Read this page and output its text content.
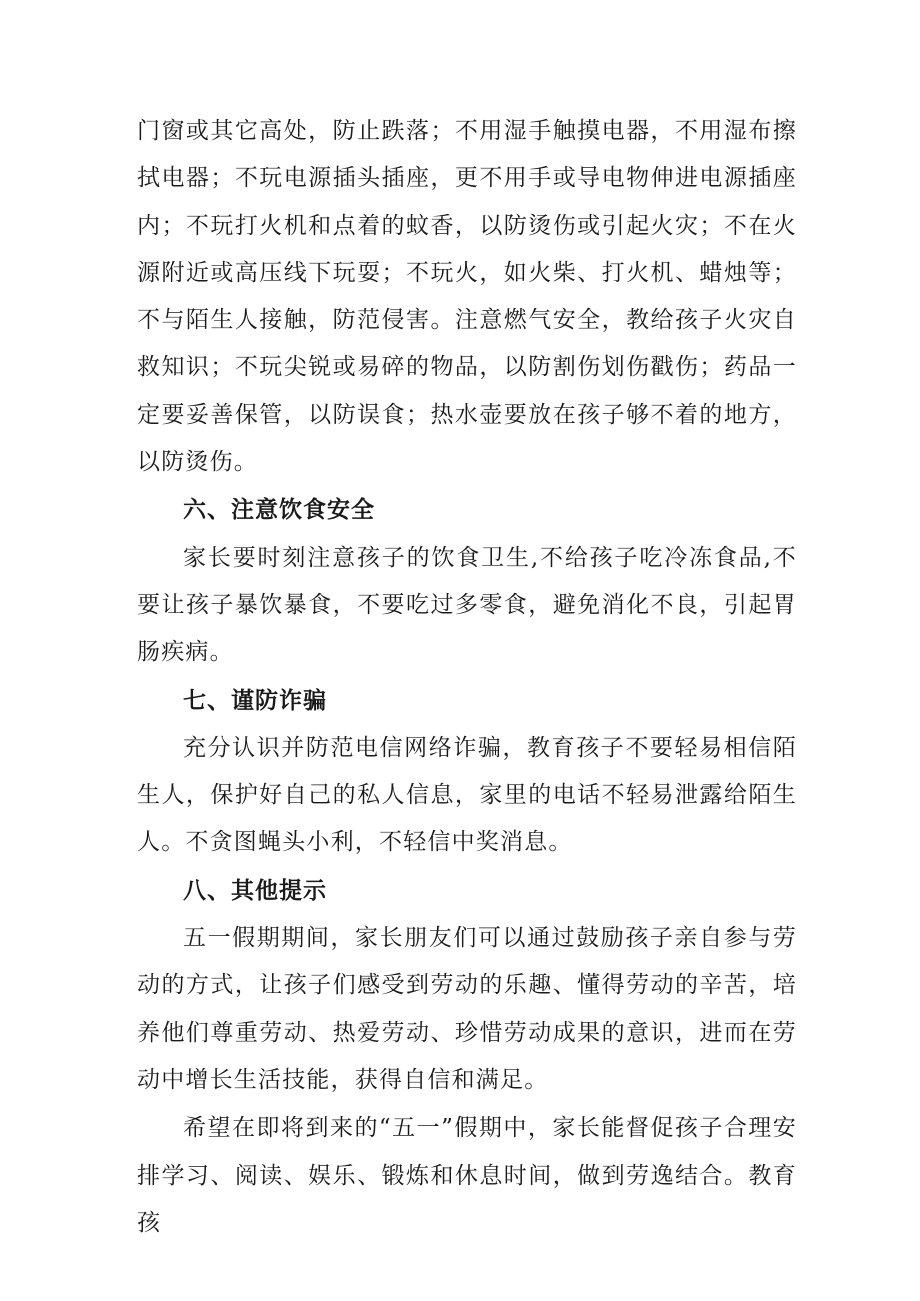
门窗或其它高处，防止跌落；不用湿手触摸电器，不用湿布擦拭电器；不玩电源插头插座，更不用手或导电物伸进电源插座内；不玩打火机和点着的蚊香，以防烫伤或引起火灾；不在火源附近或高压线下玩耍；不玩火，如火柴、打火机、蜡烛等；不与陌生人接触，防范侵害。注意燃气安全，教给孩子火灾自救知识；不玩尖锐或易碎的物品，以防割伤划伤戳伤；药品一定要妥善保管，以防误食；热水壶要放在孩子够不着的地方，以防烫伤。

六、注意饮食安全

家长要时刻注意孩子的饮食卫生,不给孩子吃冷冻食品,不要让孩子暴饮暴食，不要吃过多零食，避免消化不良，引起胃肠疾病。

七、谨防诈骗

充分认识并防范电信网络诈骗，教育孩子不要轻易相信陌生人，保护好自己的私人信息，家里的电话不轻易泄露给陌生人。不贪图蝇头小利，不轻信中奖消息。

八、其他提示

五一假期期间，家长朋友们可以通过鼓励孩子亲自参与劳动的方式，让孩子们感受到劳动的乐趣、懂得劳动的辛苦，培养他们尊重劳动、热爱劳动、珍惜劳动成果的意识，进而在劳动中增长生活技能，获得自信和满足。

希望在即将到来的“五一”假期中，家长能督促孩子合理安排学习、阅读、娱乐、锻炼和休息时间，做到劳逸结合。教育孩
